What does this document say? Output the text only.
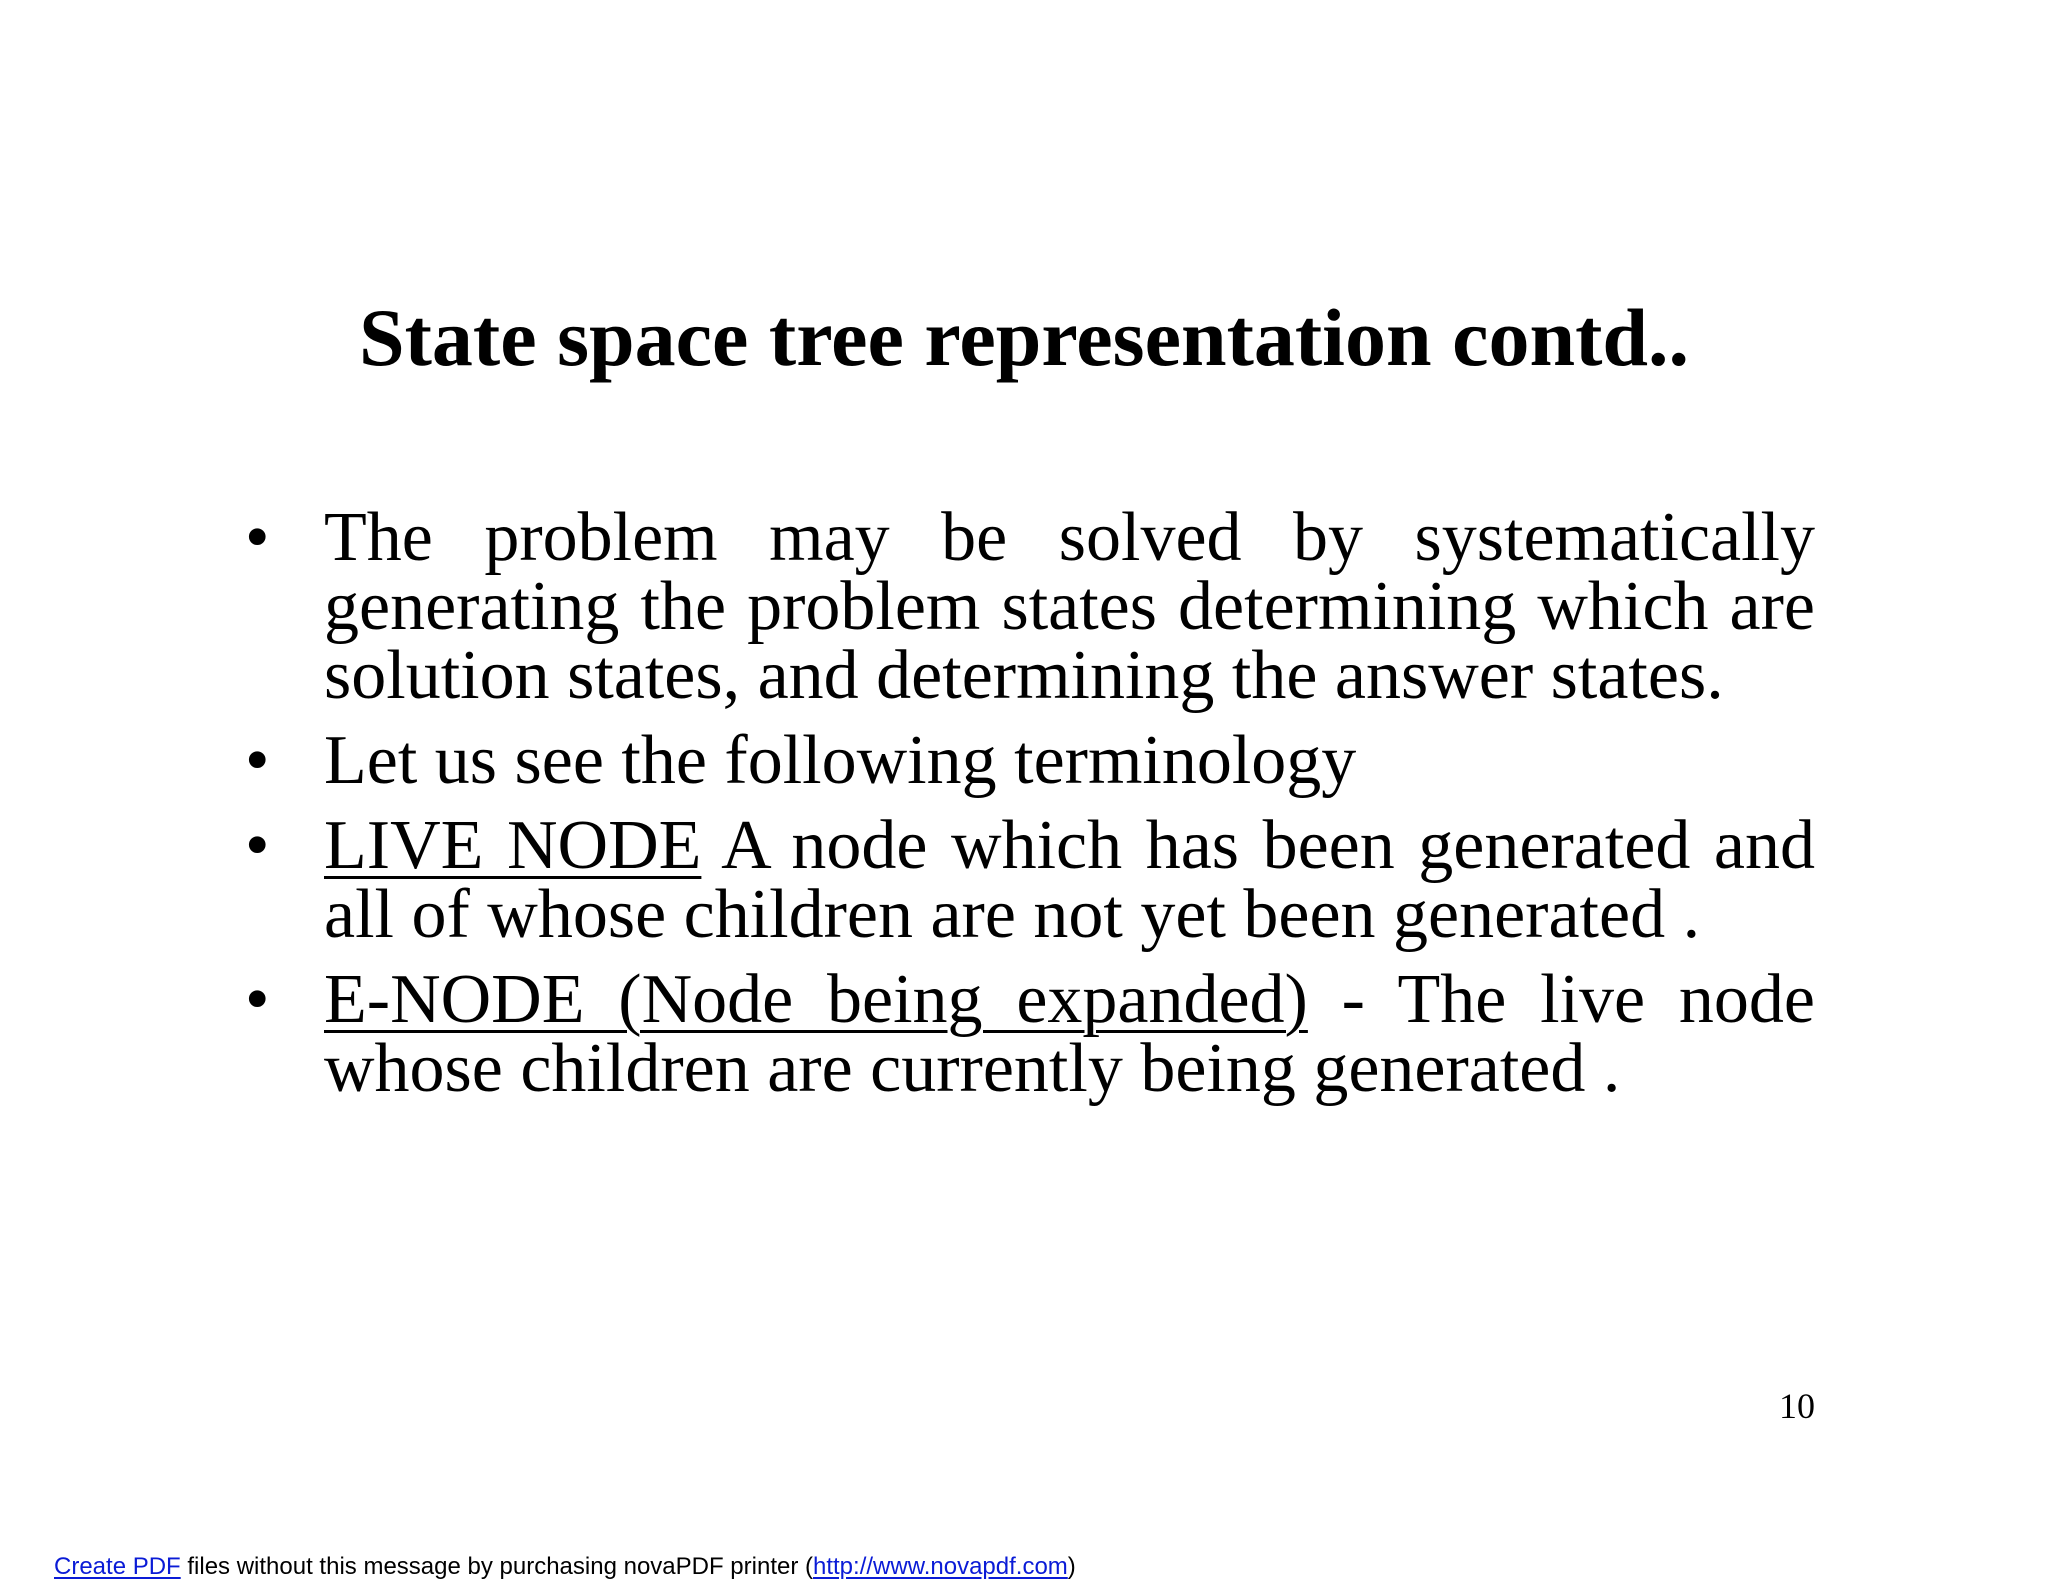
State space tree representation contd..
• The problem may be solved by systematically generating the problem states determining which are solution states, and determining the answer states.
• Let us see the following terminology
• LIVE NODE A node which has been generated and all of whose children are not yet been generated .
• E-NODE (Node being expanded) - The live node whose children are currently being generated .
10
Create PDF files without this message by purchasing novaPDF printer (http://www.novapdf.com)
